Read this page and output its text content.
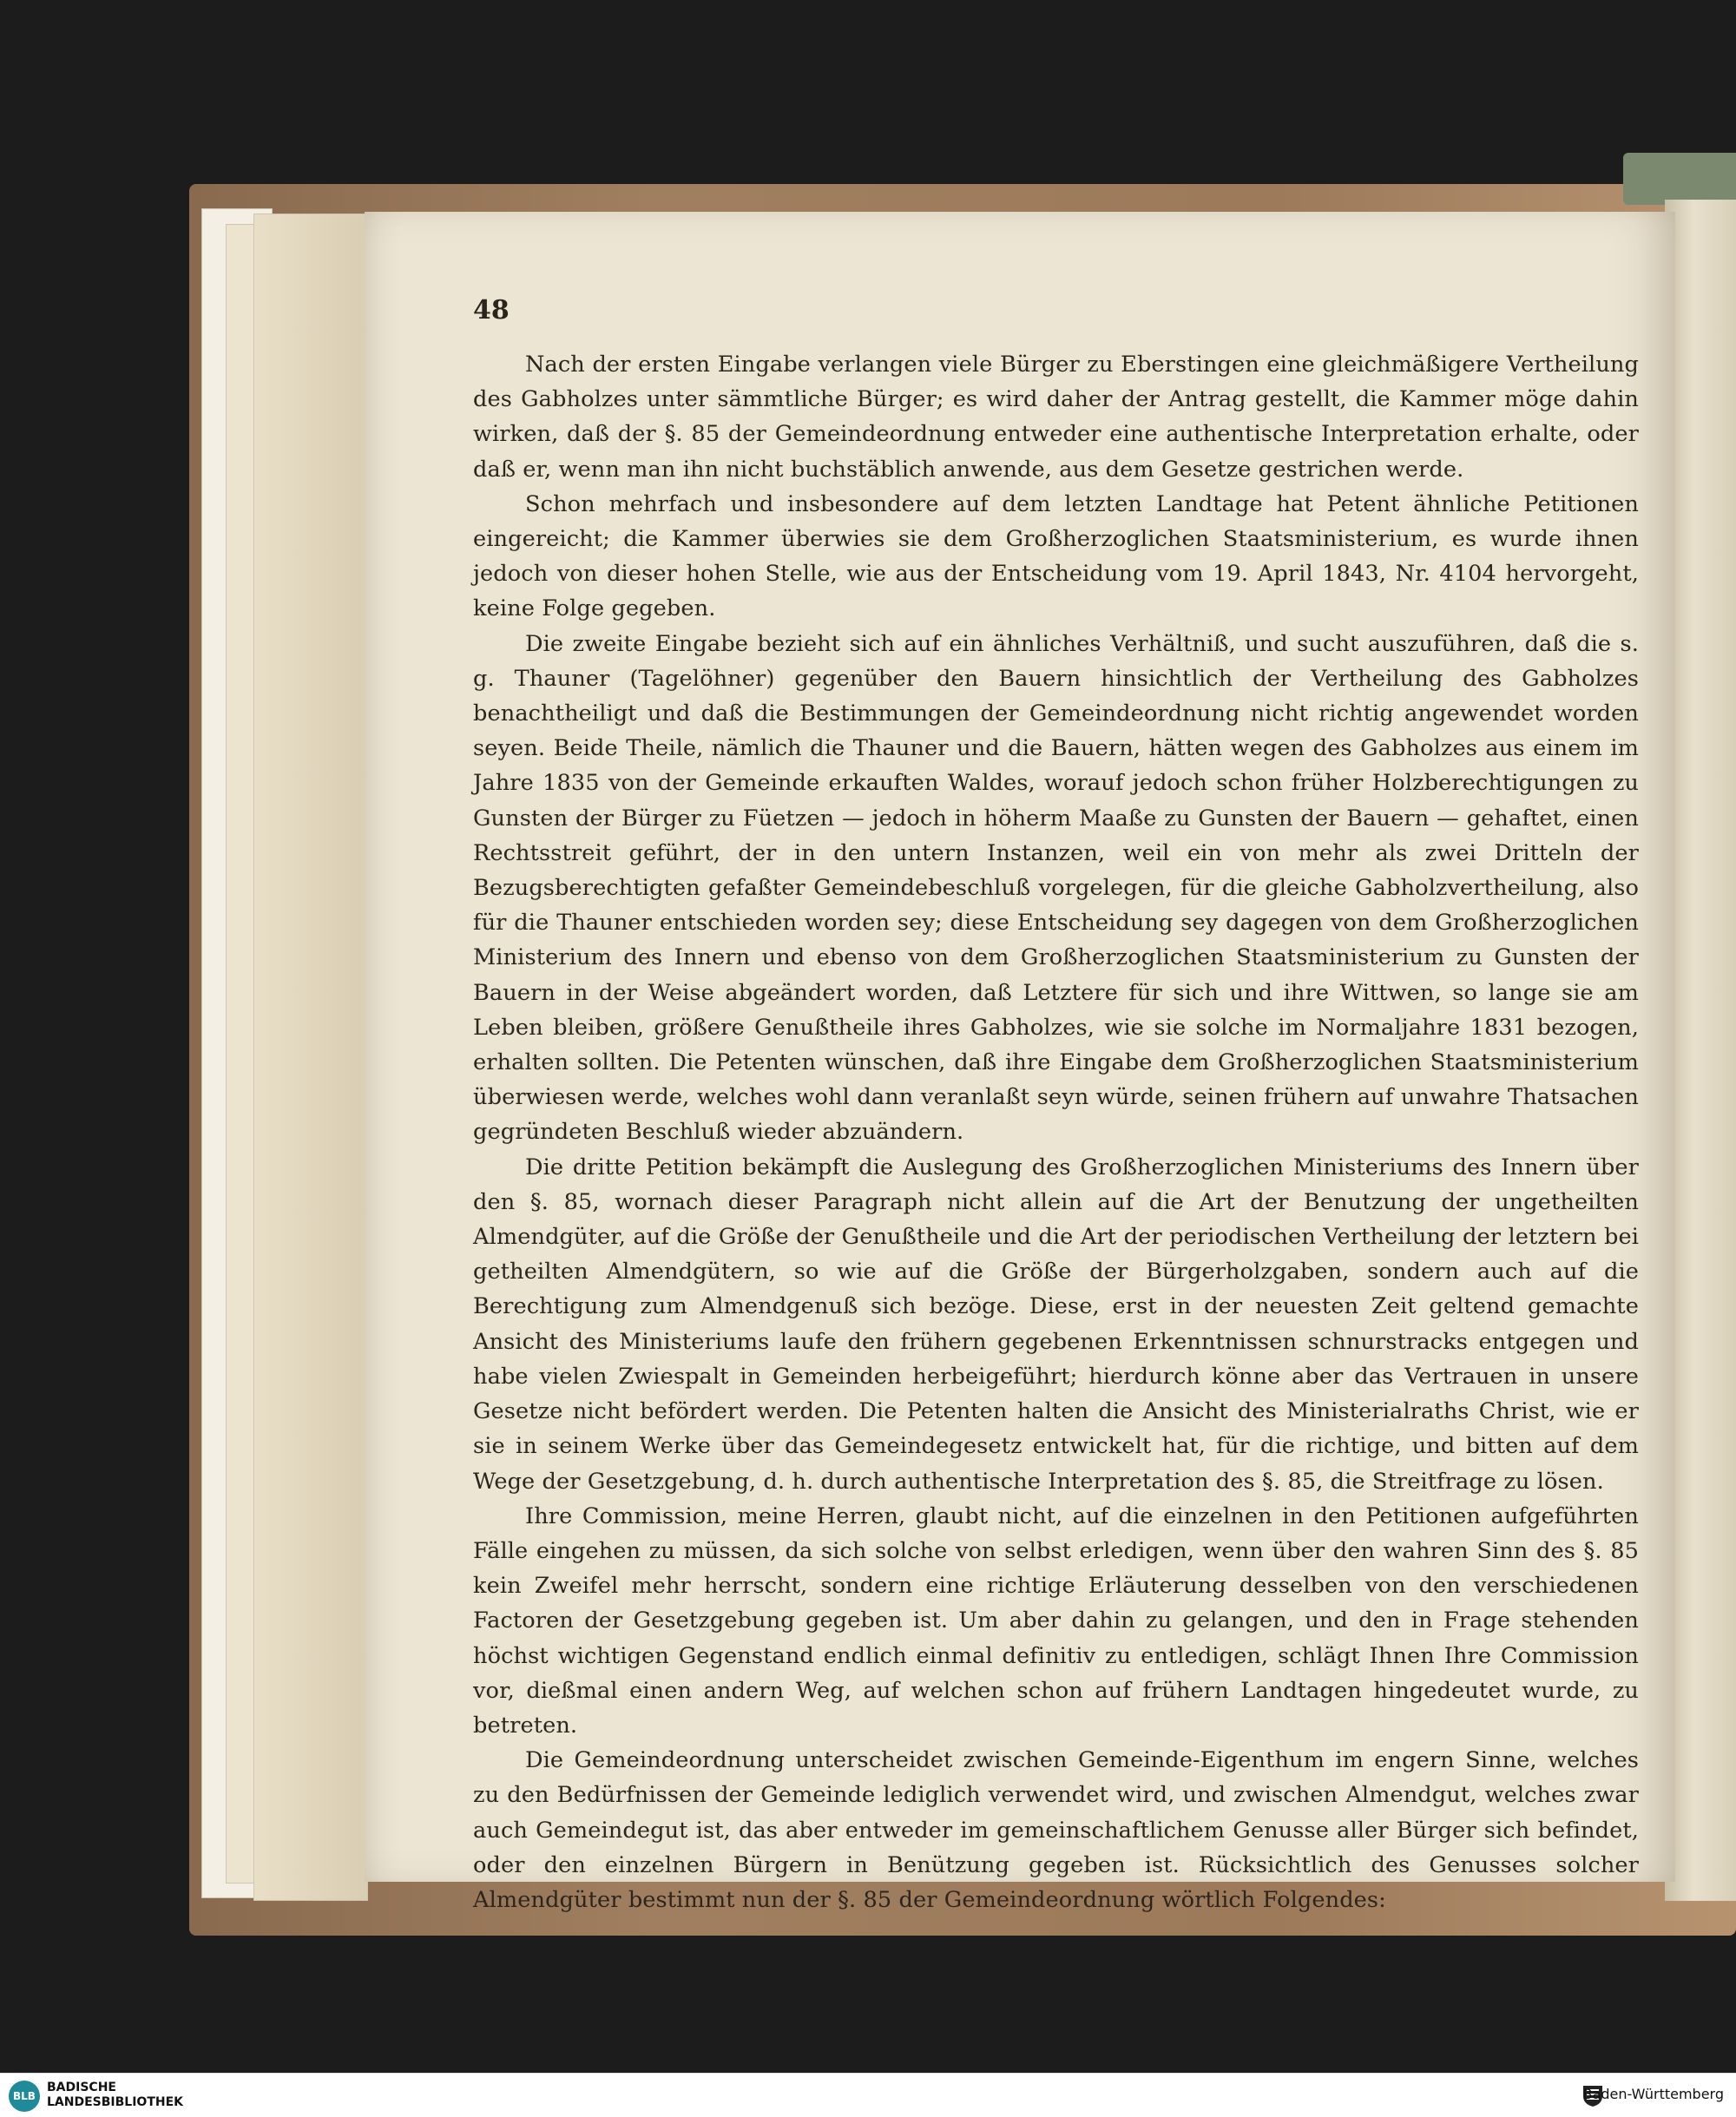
48

Nach der ersten Eingabe verlangen viele Bürger zu Eberstingen eine gleichmäßigere Vertheilung des Gabholzes unter sämmtliche Bürger; es wird daher der Antrag gestellt, die Kammer möge dahin wirken, daß der §. 85 der Gemeindeordnung entweder eine authentische Interpretation erhalte, oder daß er, wenn man ihn nicht buchstäblich anwende, aus dem Gesetze gestrichen werde.

Schon mehrfach und insbesondere auf dem letzten Landtage hat Petent ähnliche Petitionen eingereicht; die Kammer überwies sie dem Großherzoglichen Staatsministerium, es wurde ihnen jedoch von dieser hohen Stelle, wie aus der Entscheidung vom 19. April 1843, Nr. 4104 hervorgeht, keine Folge gegeben.

Die zweite Eingabe bezieht sich auf ein ähnliches Verhältniß, und sucht auszuführen, daß die s. g. Thauner (Tagelöhner) gegenüber den Bauern hinsichtlich der Vertheilung des Gabholzes benachtheiligt und daß die Bestimmungen der Gemeindeordnung nicht richtig angewendet worden seyen. Beide Theile, nämlich die Thauner und die Bauern, hätten wegen des Gabholzes aus einem im Jahre 1835 von der Gemeinde erkauften Waldes, worauf jedoch schon früher Holzberechtigungen zu Gunsten der Bürger zu Füetzen — jedoch in höherm Maaße zu Gunsten der Bauern — gehaftet, einen Rechtsstreit geführt, der in den untern Instanzen, weil ein von mehr als zwei Dritteln der Bezugsberechtigten gefaßter Gemeindebeschluß vorgelegen, für die gleiche Gabholzvertheilung, also für die Thauner entschieden worden sey; diese Entscheidung sey dagegen von dem Großherzoglichen Ministerium des Innern und ebenso von dem Großherzoglichen Staatsministerium zu Gunsten der Bauern in der Weise abgeändert worden, daß Letztere für sich und ihre Wittwen, so lange sie am Leben bleiben, größere Genußtheile ihres Gabholzes, wie sie solche im Normaljahre 1831 bezogen, erhalten sollten. Die Petenten wünschen, daß ihre Eingabe dem Großherzoglichen Staatsministerium überwiesen werde, welches wohl dann veranlaßt seyn würde, seinen frühern auf unwahre Thatsachen gegründeten Beschluß wieder abzuändern.

Die dritte Petition bekämpft die Auslegung des Großherzoglichen Ministeriums des Innern über den §. 85, wornach dieser Paragraph nicht allein auf die Art der Benutzung der ungetheilten Almendgüter, auf die Größe der Genußtheile und die Art der periodischen Vertheilung der letztern bei getheilten Almendgütern, so wie auf die Größe der Bürgerholzgaben, sondern auch auf die Berechtigung zum Almendgenuß sich bezöge. Diese, erst in der neuesten Zeit geltend gemachte Ansicht des Ministeriums laufe den frühern gegebenen Erkenntnissen schnurstracks entgegen und habe vielen Zwiespalt in Gemeinden herbeigeführt; hierdurch könne aber das Vertrauen in unsere Gesetze nicht befördert werden. Die Petenten halten die Ansicht des Ministerialraths Christ, wie er sie in seinem Werke über das Gemeindegesetz entwickelt hat, für die richtige, und bitten auf dem Wege der Gesetzgebung, d. h. durch authentische Interpretation des §. 85, die Streitfrage zu lösen.

Ihre Commission, meine Herren, glaubt nicht, auf die einzelnen in den Petitionen aufgeführten Fälle eingehen zu müssen, da sich solche von selbst erledigen, wenn über den wahren Sinn des §. 85 kein Zweifel mehr herrscht, sondern eine richtige Erläuterung desselben von den verschiedenen Factoren der Gesetzgebung gegeben ist. Um aber dahin zu gelangen, und den in Frage stehenden höchst wichtigen Gegenstand endlich einmal definitiv zu entledigen, schlägt Ihnen Ihre Commission vor, dießmal einen andern Weg, auf welchen schon auf frühern Landtagen hingedeutet wurde, zu betreten.

Die Gemeindeordnung unterscheidet zwischen Gemeinde-Eigenthum im engern Sinne, welches zu den Bedürfnissen der Gemeinde lediglich verwendet wird, und zwischen Almendgut, welches zwar auch Gemeindegut ist, das aber entweder im gemeinschaftlichem Genusse aller Bürger sich befindet, oder den einzelnen Bürgern in Benützung gegeben ist. Rücksichtlich des Genusses solcher Almendgüter bestimmt nun der §. 85 der Gemeindeordnung wörtlich Folgendes:

BLB
BADISCHE
LANDESBIBLIOTHEK	Baden-Württemberg
